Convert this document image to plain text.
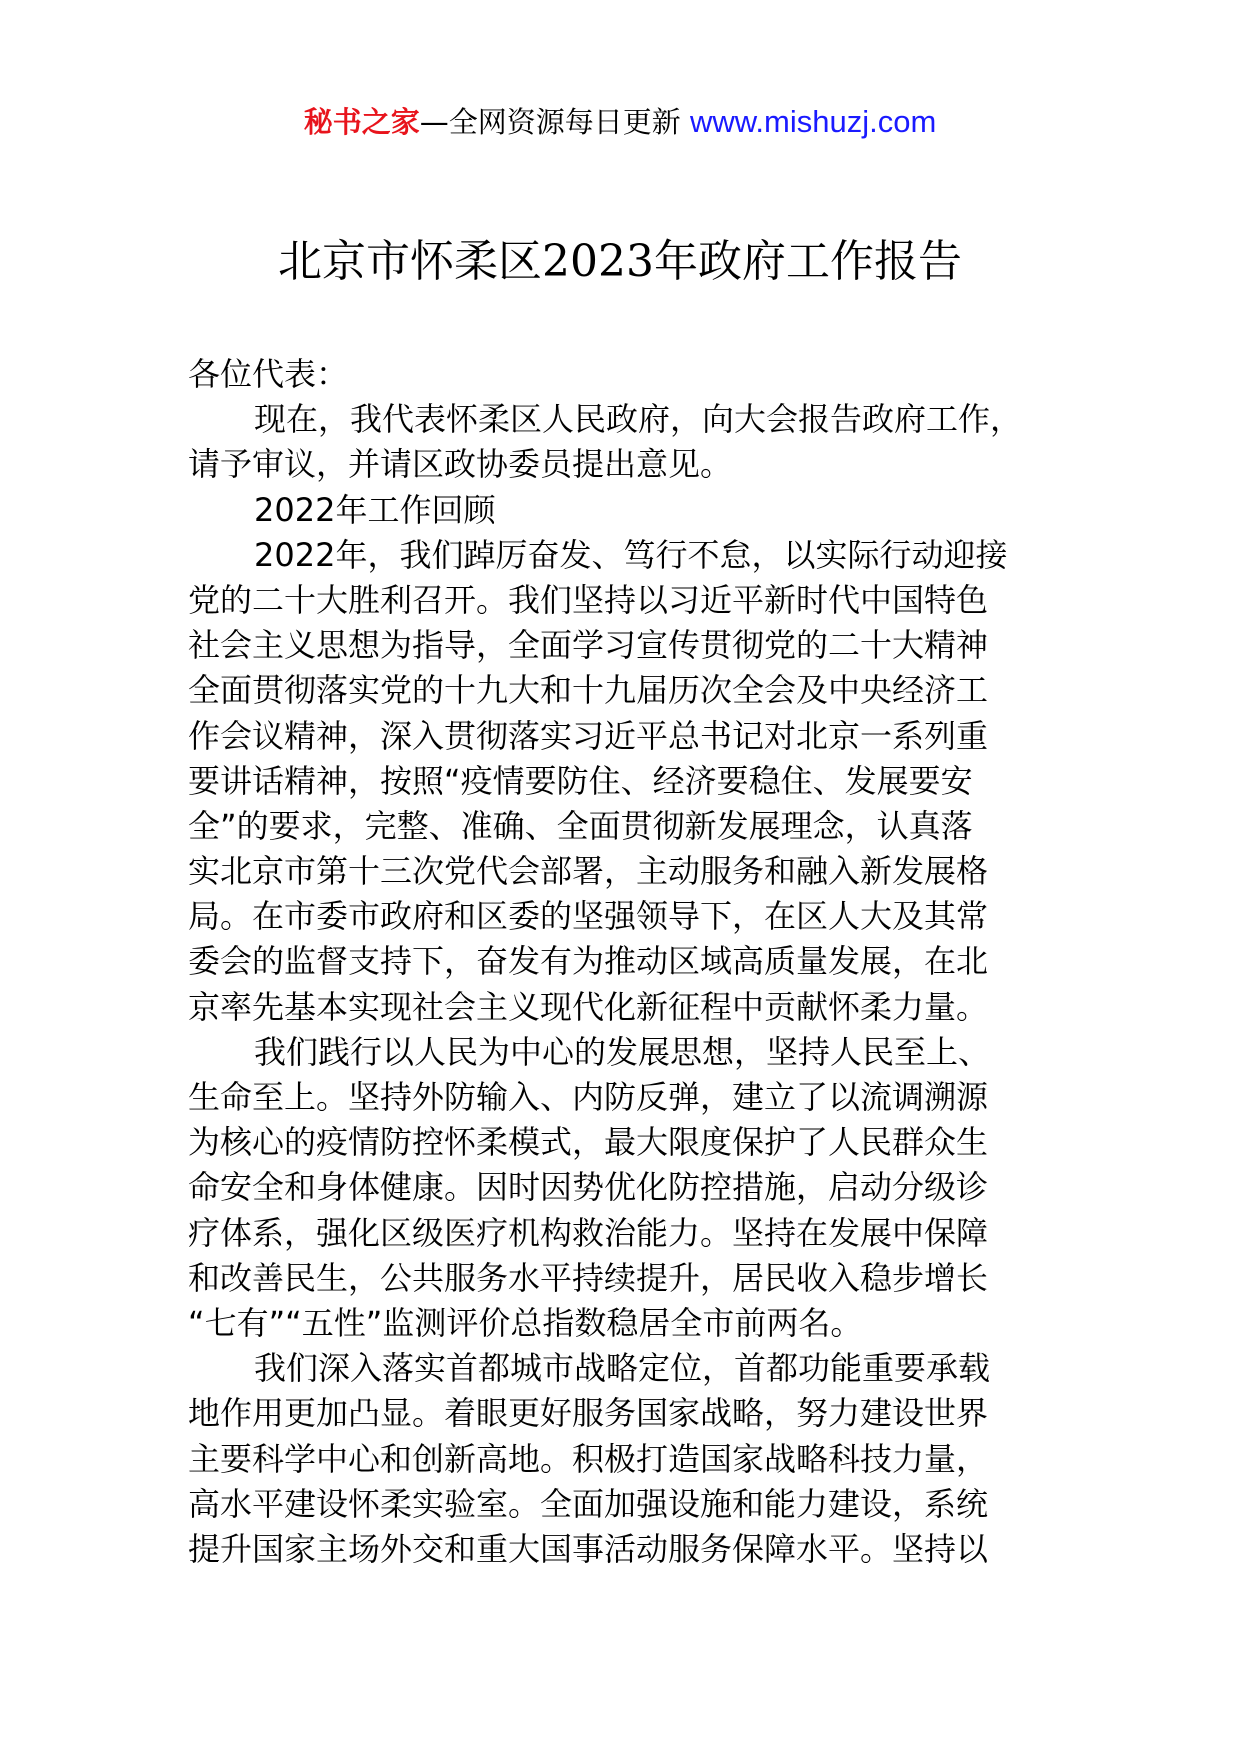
秘书之家—全网资源每日更新 www.mishuzj.com
北京市怀柔区2023年政府工作报告
各位代表：
现在，我代表怀柔区人民政府，向大会报告政府工作，
请予审议，并请区政协委员提出意见。
2022年工作回顾
2022年，我们踔厉奋发、笃行不怠，以实际行动迎接
党的二十大胜利召开。我们坚持以习近平新时代中国特色
社会主义思想为指导，全面学习宣传贯彻党的二十大精神
全面贯彻落实党的十九大和十九届历次全会及中央经济工
作会议精神，深入贯彻落实习近平总书记对北京一系列重
要讲话精神，按照“疫情要防住、经济要稳住、发展要安
全”的要求，完整、准确、全面贯彻新发展理念，认真落
实北京市第十三次党代会部署，主动服务和融入新发展格
局。在市委市政府和区委的坚强领导下，在区人大及其常
委会的监督支持下，奋发有为推动区域高质量发展，在北
京率先基本实现社会主义现代化新征程中贡献怀柔力量。
我们践行以人民为中心的发展思想，坚持人民至上、
生命至上。坚持外防输入、内防反弹，建立了以流调溯源
为核心的疫情防控怀柔模式，最大限度保护了人民群众生
命安全和身体健康。因时因势优化防控措施，启动分级诊
疗体系，强化区级医疗机构救治能力。坚持在发展中保障
和改善民生，公共服务水平持续提升，居民收入稳步增长
“七有”“五性”监测评价总指数稳居全市前两名。
我们深入落实首都城市战略定位，首都功能重要承载
地作用更加凸显。着眼更好服务国家战略，努力建设世界
主要科学中心和创新高地。积极打造国家战略科技力量，
高水平建设怀柔实验室。全面加强设施和能力建设，系统
提升国家主场外交和重大国事活动服务保障水平。坚持以
